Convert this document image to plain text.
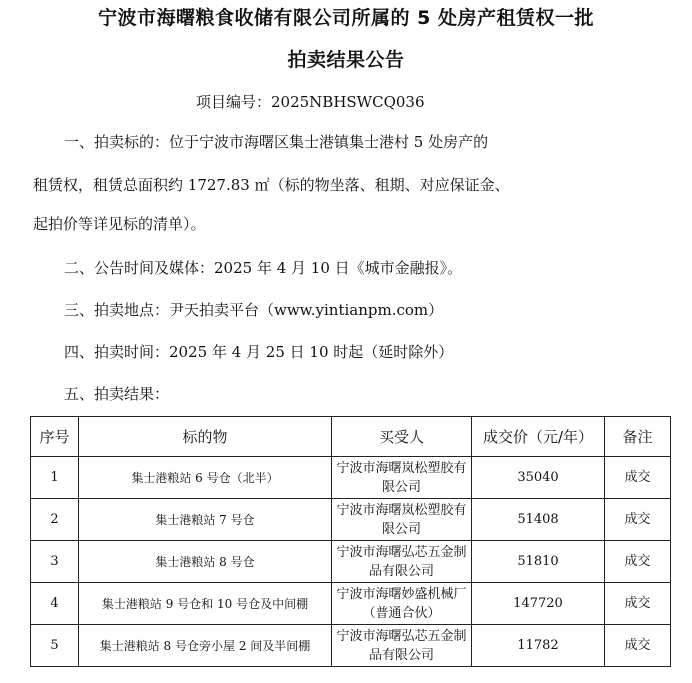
宁波市海曙粮食收储有限公司所属的 5 处房产租赁权一批
拍卖结果公告
项目编号：2025NBHSWCQ036
一、拍卖标的：位于宁波市海曙区集士港镇集士港村 5 处房产的
租赁权，租赁总面积约 1727.83 ㎡（标的物坐落、租期、对应保证金、
起拍价等详见标的清单）。
二、公告时间及媒体：2025 年 4 月 10 日《城市金融报》。
三、拍卖地点：尹天拍卖平台（www.yintianpm.com）
四、拍卖时间：2025 年 4 月 25 日 10 时起（延时除外）
五、拍卖结果：
序号	标的物	买受人	成交价（元/年）	备注
1	集士港粮站 6 号仓（北半）	宁波市海曙岚松塑胶有限公司	35040	成交
2	集士港粮站 7 号仓	宁波市海曙岚松塑胶有限公司	51408	成交
3	集士港粮站 8 号仓	宁波市海曙弘芯五金制品有限公司	51810	成交
4	集士港粮站 9 号仓和 10 号仓及中间棚	宁波市海曙妙盛机械厂（普通合伙）	147720	成交
5	集士港粮站 8 号仓旁小屋 2 间及半间棚	宁波市海曙弘芯五金制品有限公司	11782	成交
